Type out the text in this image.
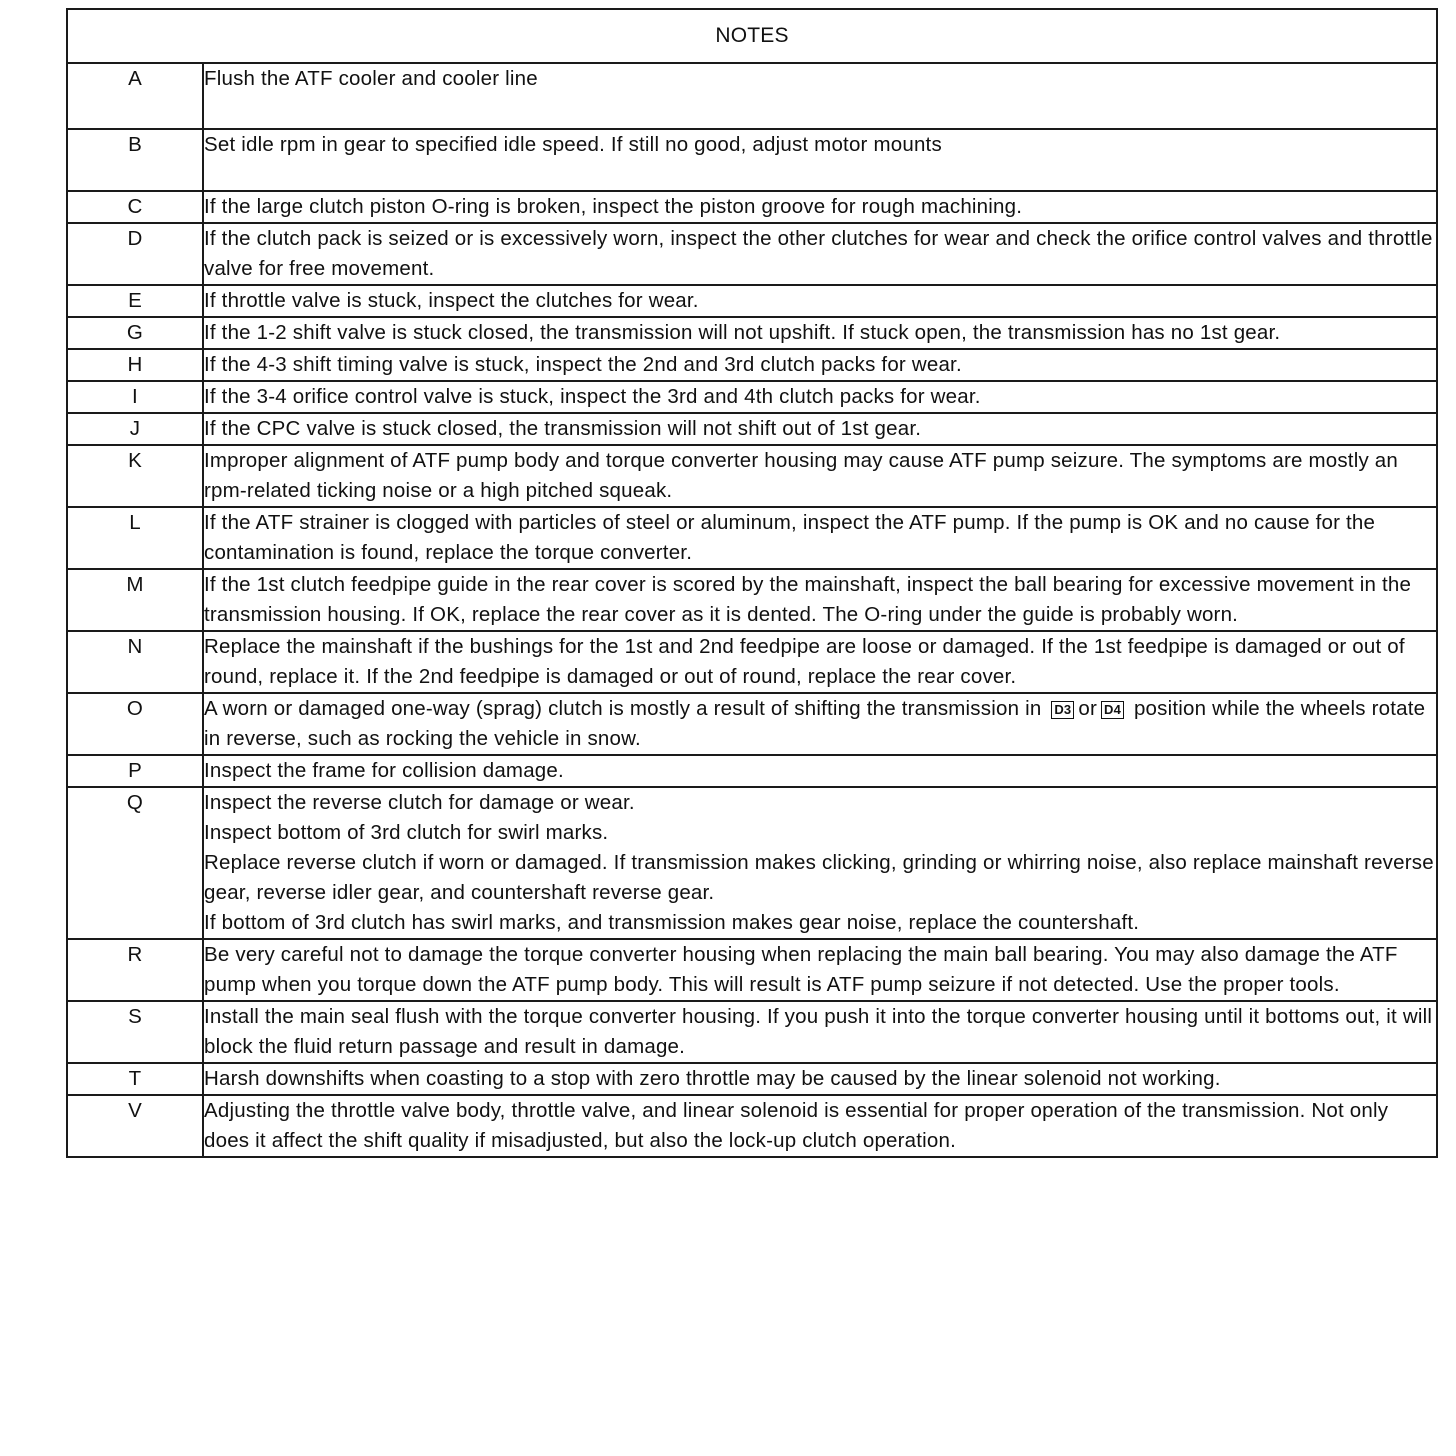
NOTES	
A	Flush the ATF cooler and cooler line

B	Set idle rpm in gear to specified idle speed. If still no good, adjust motor mounts

C	If the large clutch piston O-ring is broken, inspect the piston groove for rough machining.

D	If the clutch pack is seized or is excessively worn, inspect the other clutches for wear and check the orifice control valves and throttle valve for free movement.

E	If throttle valve is stuck, inspect the clutches for wear.

G	If the 1-2 shift valve is stuck closed, the transmission will not upshift. If stuck open, the transmission has no 1st gear.

H	If the 4-3 shift timing valve is stuck, inspect the 2nd and 3rd clutch packs for wear.

I	If the 3-4 orifice control valve is stuck, inspect the 3rd and 4th clutch packs for wear.

J	If the CPC valve is stuck closed, the transmission will not shift out of 1st gear.

K	Improper alignment of ATF pump body and torque converter housing may cause ATF pump seizure. The symptoms are mostly an rpm-related ticking noise or a high pitched squeak.

L	If the ATF strainer is clogged with particles of steel or aluminum, inspect the ATF pump. If the pump is OK and no cause for the contamination is found, replace the torque converter.

M	If the 1st clutch feedpipe guide in the rear cover is scored by the mainshaft, inspect the ball bearing for excessive movement in the transmission housing. If OK, replace the rear cover as it is dented. The O-ring under the guide is probably worn.

N	Replace the mainshaft if the bushings for the 1st and 2nd feedpipe are loose or damaged. If the 1st feedpipe is damaged or out of round, replace it. If the 2nd feedpipe is damaged or out of round, replace the rear cover.

O	A worn or damaged one-way (sprag) clutch is mostly a result of shifting the transmission in D3 or D4 position while the wheels rotate in reverse, such as rocking the vehicle in snow.
P	Inspect the frame for collision damage.

Q	Inspect the reverse clutch for damage or wear.
Inspect bottom of 3rd clutch for swirl marks.
Replace reverse clutch if worn or damaged. If transmission makes clicking, grinding or whirring noise, also replace mainshaft reverse gear, reverse idler gear, and countershaft reverse gear.
If bottom of 3rd clutch has swirl marks, and transmission makes gear noise, replace the countershaft.

R	Be very careful not to damage the torque converter housing when replacing the main ball bearing. You may also damage the ATF pump when you torque down the ATF pump body. This will result is ATF pump seizure if not detected. Use the proper tools.

S	Install the main seal flush with the torque converter housing. If you push it into the torque converter housing until it bottoms out, it will block the fluid return passage and result in damage.

T	Harsh downshifts when coasting to a stop with zero throttle may be caused by the linear solenoid not working.

V	Adjusting the throttle valve body, throttle valve, and linear solenoid is essential for proper operation of the transmission. Not only does it affect the shift quality if misadjusted, but also the lock-up clutch operation.
